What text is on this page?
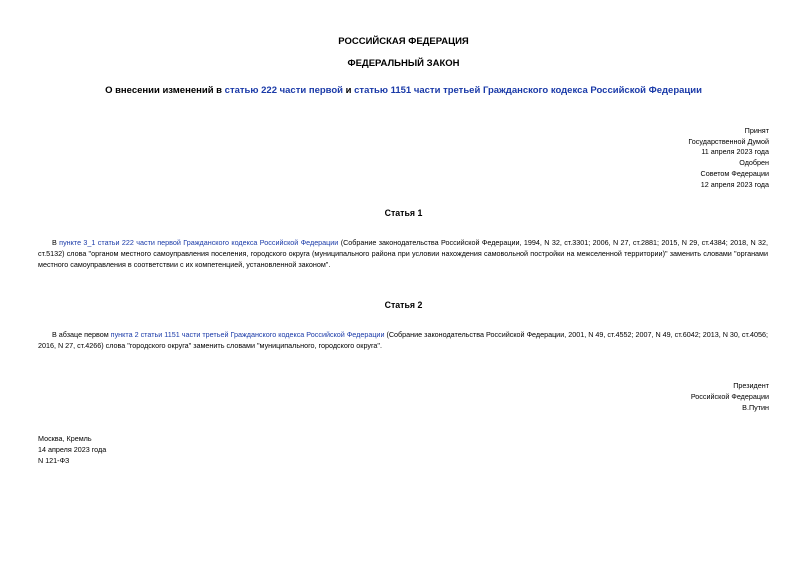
РОССИЙСКАЯ ФЕДЕРАЦИЯ
ФЕДЕРАЛЬНЫЙ ЗАКОН
О внесении изменений в статью 222 части первой и статью 1151 части третьей Гражданского кодекса Российской Федерации
Принят
Государственной Думой
11 апреля 2023 года
Одобрен
Советом Федерации
12 апреля 2023 года
Статья 1
В пункте 3_1 статьи 222 части первой Гражданского кодекса Российской Федерации (Собрание законодательства Российской Федерации, 1994, N 32, ст.3301; 2006, N 27, ст.2881; 2015, N 29, ст.4384; 2018, N 32, ст.5132) слова "органом местного самоуправления поселения, городского округа (муниципального района при условии нахождения самовольной постройки на межселенной территории)" заменить словами "органами местного самоуправления в соответствии с их компетенцией, установленной законом".
Статья 2
В абзаце первом пункта 2 статьи 1151 части третьей Гражданского кодекса Российской Федерации (Собрание законодательства Российской Федерации, 2001, N 49, ст.4552; 2007, N 49, ст.6042; 2013, N 30, ст.4056; 2016, N 27, ст.4266) слова "городского округа" заменить словами "муниципального, городского округа".
Президент
Российской Федерации
В.Путин
Москва, Кремль
14 апреля 2023 года
N 121-ФЗ
